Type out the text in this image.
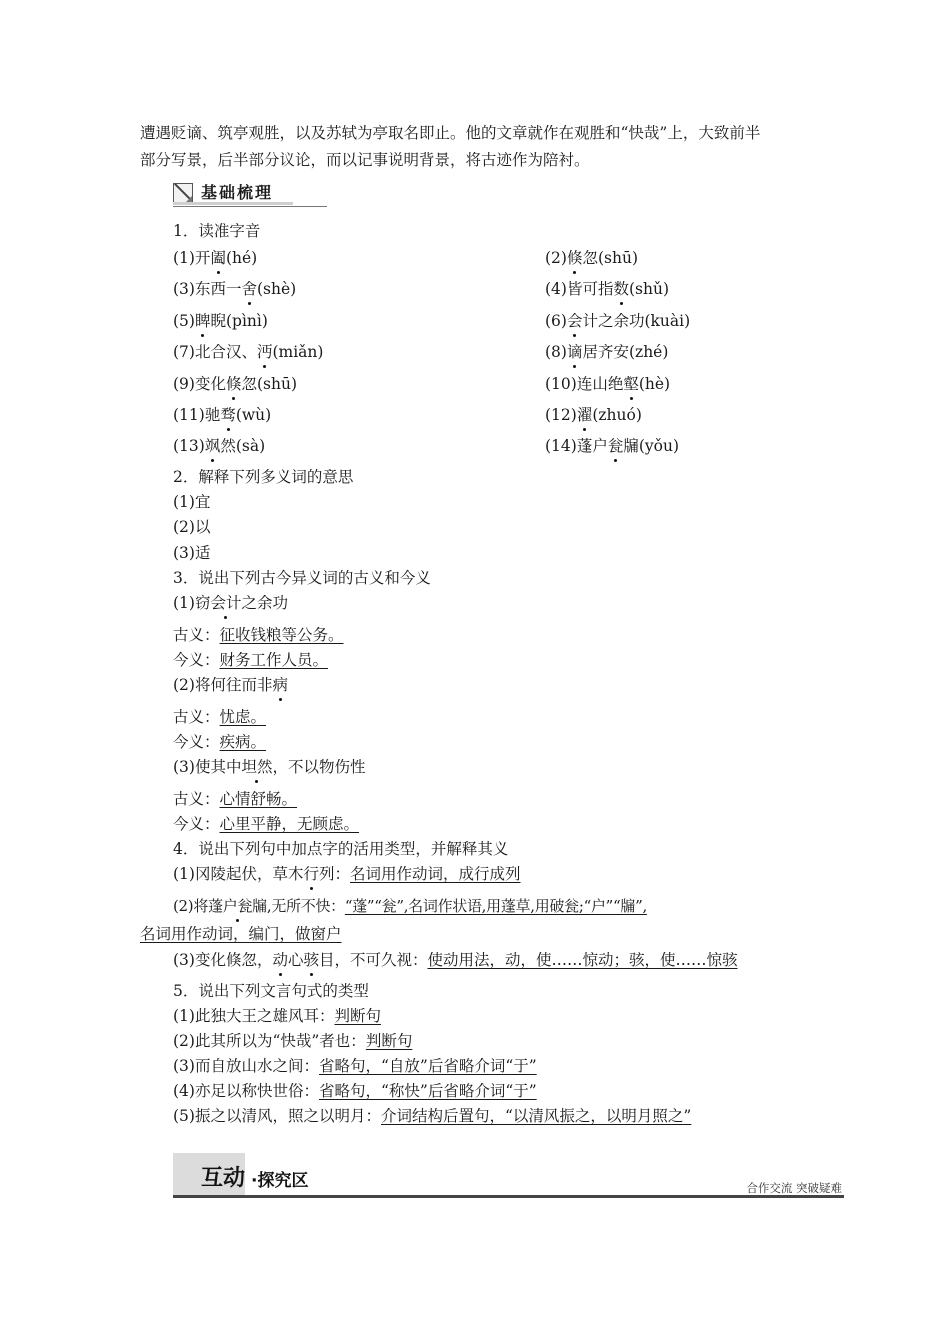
遭遇贬谪、筑亭观胜，以及苏轼为亭取名即止。他的文章就作在观胜和“快哉”上，大致前半
部分写景，后半部分议论，而以记事说明背景，将古迹作为陪衬。
基础梳理
1．读准字音
(1)开阖(hé)	(2)倏忽(shū)
(3)东西一舍(shè)	(4)皆可指数(shǔ)
(5)睥睨(pìnì)	(6)会计之余功(kuài)
(7)北合汉、沔(miǎn)	(8)谪居齐安(zhé)
(9)变化倏忽(shū)	(10)连山绝壑(hè)
(11)驰骛(wù)	(12)濯(zhuó)
(13)飒然(sà)	(14)蓬户瓮牖(yǒu)
2．解释下列多义词的意思
(1)宜
(2)以
(3)适
3．说出下列古今异义词的古义和今义
(1)窃会计之余功
古义：征收钱粮等公务。
今义：财务工作人员。
(2)将何往而非病
古义：忧虑。
今义：疾病。
(3)使其中坦然，不以物伤性
古义：心情舒畅。
今义：心里平静，无顾虑。
4．说出下列句中加点字的活用类型，并解释其义
(1)冈陵起伏，草木行列：名词用作动词，成行成列
(2)将蓬户瓮牖,无所不快：“蓬”“瓮”,名词作状语,用蓬草,用破瓮;“户”“牖”,
名词用作动词，编门，做窗户
(3)变化倏忽，动心骇目，不可久视：使动用法，动，使……惊动；骇，使……惊骇
5．说出下列文言句式的类型
(1)此独大王之雄风耳：判断句
(2)此其所以为“快哉”者也：判断句
(3)而自放山水之间：省略句，“自放”后省略介词“于”
(4)亦足以称快世俗：省略句，“称快”后省略介词“于”
(5)振之以清风，照之以明月：介词结构后置句，“以清风振之，以明月照之”
互动 ·探究区	合作交流 突破疑难
